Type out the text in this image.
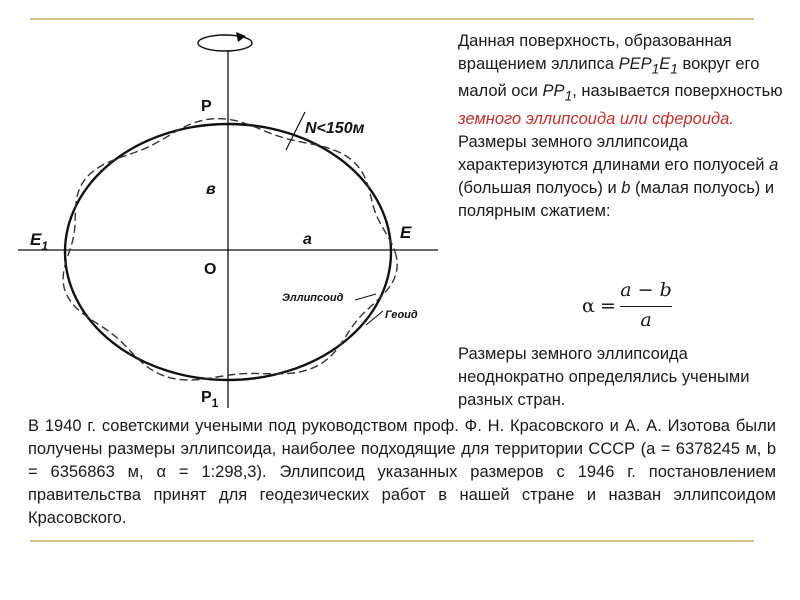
P
$P_1$
$E_1$
E
O
a
в
N<150м
Эллипсоид
Геоид
Данная поверхность, образованная вращением эллипса $PEP_1E_1$ вокруг его малой оси $PP_1$, называется поверхностью земного эллипсоида или сфероида. Размеры земного эллипсоида характеризуются длинами его полуосей a (большая полуось) и b (малая полуось) и полярным сжатием:
α =
a − b
a
Размеры земного эллипсоида неоднократно определялись учеными разных стран.
В 1940 г. советскими учеными под руководством проф. Ф. Н. Красовского и А. А. Изотова были получены размеры эллипсоида, наиболее подходящие для территории СССР (a = 6378245 м, b = 6356863 м, α = 1:298,3). Эллипсоид указанных размеров с 1946 г. постановлением правительства принят для геодезических работ в нашей стране и назван эллипсоидом Красовского.
